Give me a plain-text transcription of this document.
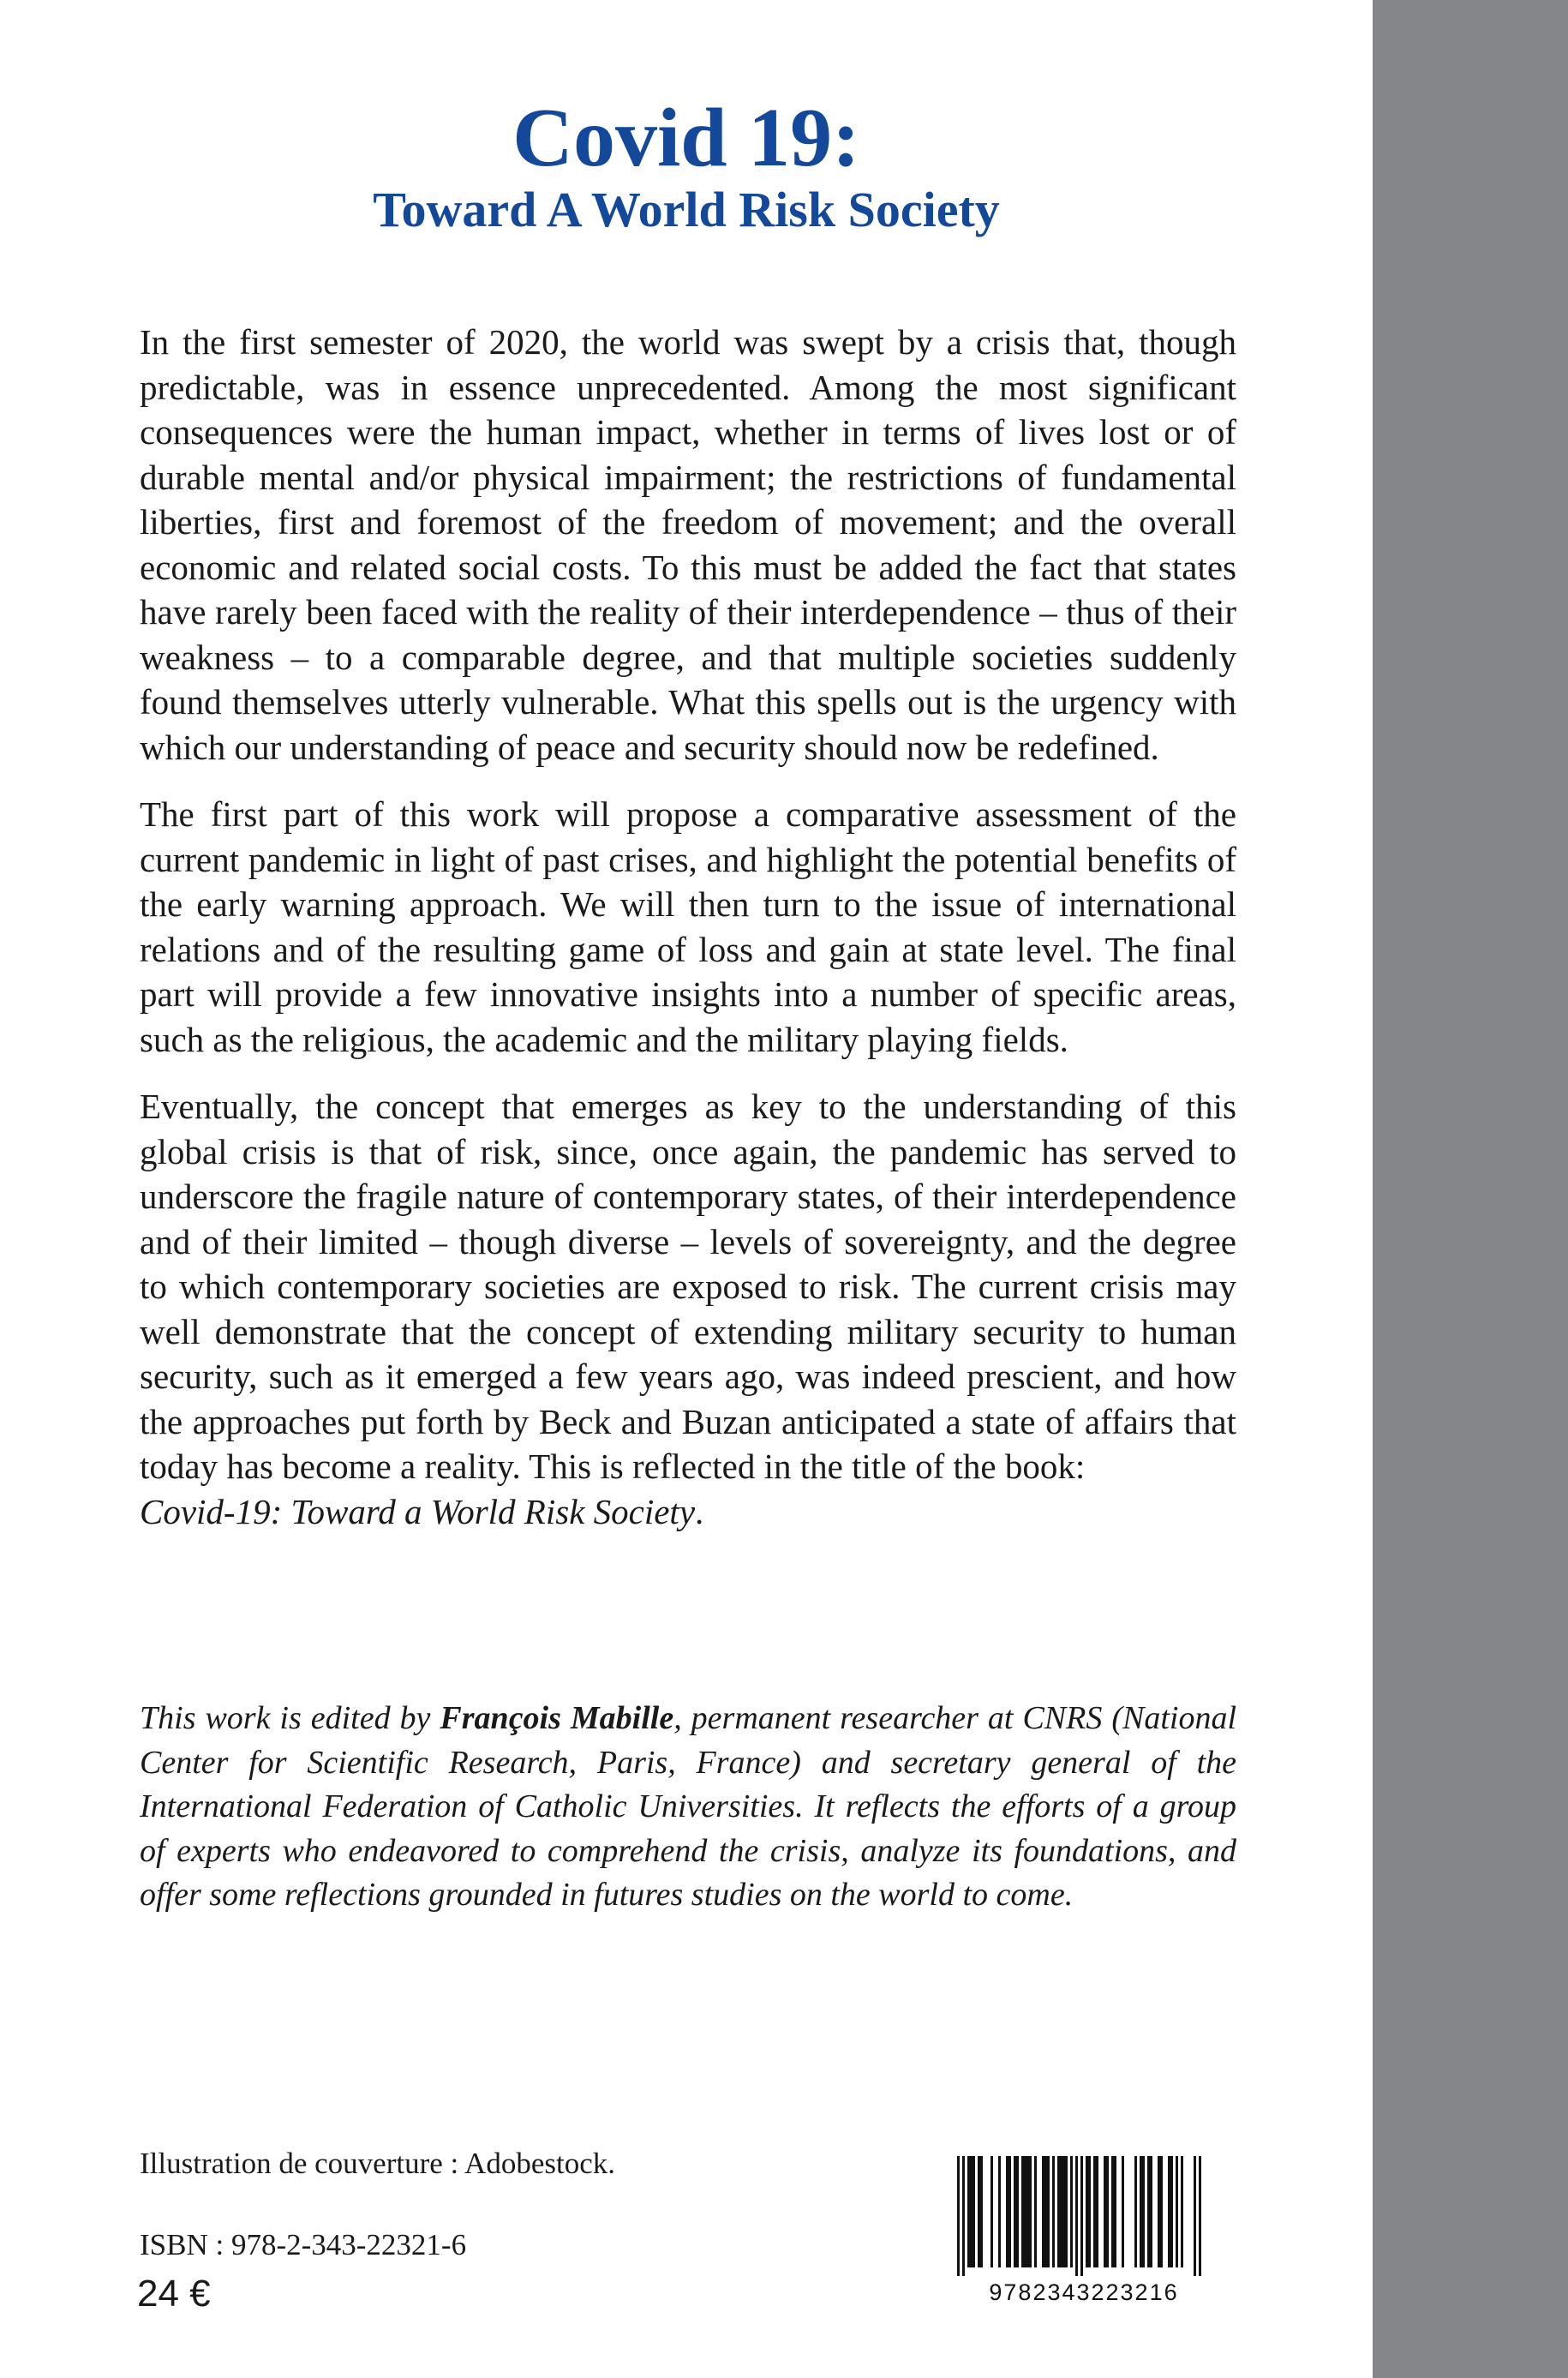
Covid 19:
Toward A World Risk Society

In the first semester of 2020, the world was swept by a crisis that, though predictable, was in essence unprecedented. Among the most significant consequences were the human impact, whether in terms of lives lost or of durable mental and/or physical impairment; the restrictions of fundamental liberties, first and foremost of the freedom of movement; and the overall economic and related social costs. To this must be added the fact that states have rarely been faced with the reality of their interdependence – thus of their weakness – to a comparable degree, and that multiple societies suddenly found themselves utterly vulnerable. What this spells out is the urgency with which our understanding of peace and security should now be redefined.

The first part of this work will propose a comparative assessment of the current pandemic in light of past crises, and highlight the potential benefits of the early warning approach. We will then turn to the issue of international relations and of the resulting game of loss and gain at state level. The final part will provide a few innovative insights into a number of specific areas, such as the religious, the academic and the military playing fields.

Eventually, the concept that emerges as key to the understanding of this global crisis is that of risk, since, once again, the pandemic has served to underscore the fragile nature of contemporary states, of their interdependence and of their limited – though diverse – levels of sovereignty, and the degree to which contemporary societies are exposed to risk. The current crisis may well demonstrate that the concept of extending military security to human security, such as it emerged a few years ago, was indeed prescient, and how the approaches put forth by Beck and Buzan anticipated a state of affairs that today has become a reality. This is reflected in the title of the book:
Covid-19: Toward a World Risk Society.

This work is edited by François Mabille, permanent researcher at CNRS (National Center for Scientific Research, Paris, France) and secretary general of the International Federation of Catholic Universities. It reflects the efforts of a group of experts who endeavored to comprehend the crisis, analyze its foundations, and offer some reflections grounded in futures studies on the world to come.
Illustration de couverture : Adobestock.
ISBN : 978-2-343-22321-6
24 €	9782343223216
